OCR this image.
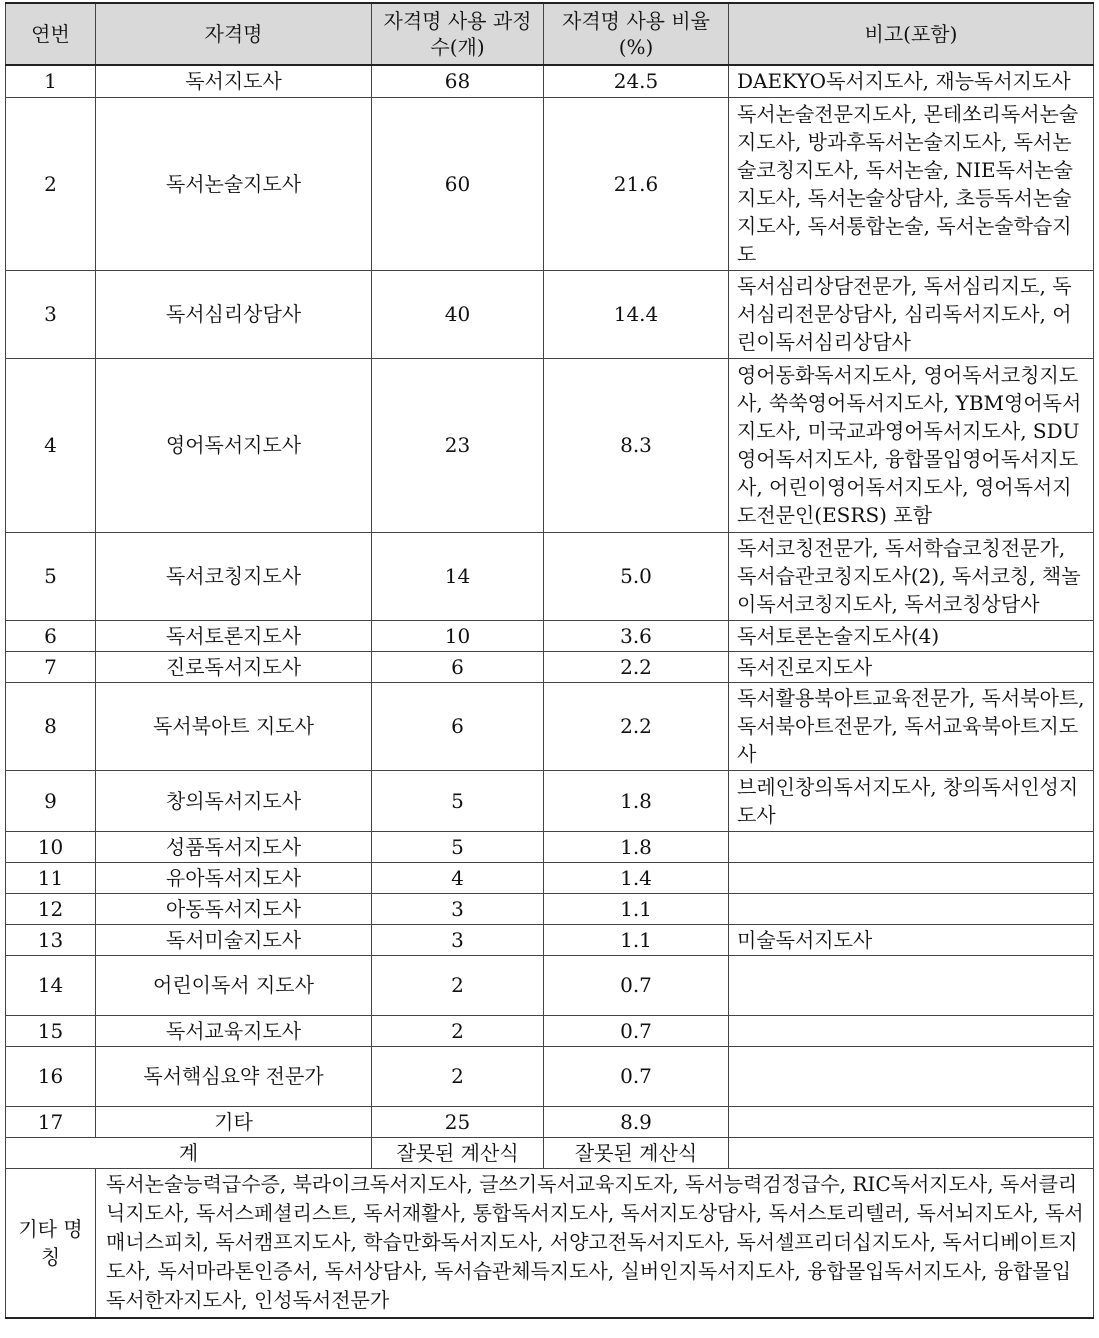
연번	자격명	자격명 사용 과정수(개)	자격명 사용 비율 (%)	비고(포함)
1	독서지도사	68	24.5	DAEKYO독서지도사, 재능독서지도사
2	독서논술지도사	60	21.6	독서논술전문지도사, 몬테쏘리독서논술지도사, 방과후독서논술지도사, 독서논술코칭지도사, 독서논술, NIE독서논술지도사, 독서논술상담사, 초등독서논술지도사, 독서통합논술, 독서논술학습지도
3	독서심리상담사	40	14.4	독서심리상담전문가, 독서심리지도, 독서심리전문상담사, 심리독서지도사, 어린이독서심리상담사
4	영어독서지도사	23	8.3	영어동화독서지도사, 영어독서코칭지도사, 쑥쑥영어독서지도사, YBM영어독서지도사, 미국교과영어독서지도사, SDU영어독서지도사, 융합몰입영어독서지도사, 어린이영어독서지도사, 영어독서지도전문인(ESRS) 포함
5	독서코칭지도사	14	5.0	독서코칭전문가, 독서학습코칭전문가, 독서습관코칭지도사(2), 독서코칭, 책놀이독서코칭지도사, 독서코칭상담사
6	독서토론지도사	10	3.6	독서토론논술지도사(4)
7	진로독서지도사	6	2.2	독서진로지도사
8	독서북아트 지도사	6	2.2	독서활용북아트교육전문가, 독서북아트, 독서북아트전문가, 독서교육북아트지도사
9	창의독서지도사	5	1.8	브레인창의독서지도사, 창의독서인성지도사
10	성품독서지도사	5	1.8	
11	유아독서지도사	4	1.4	
12	아동독서지도사	3	1.1	
13	독서미술지도사	3	1.1	미술독서지도사
14	어린이독서 지도사	2	0.7	
15	독서교육지도사	2	0.7	
16	독서핵심요약 전문가	2	0.7	
17	기타	25	8.9	
계		잘못된 계산식	잘못된 계산식	
기타 명칭	독서논술능력급수증, 북라이크독서지도사, 글쓰기독서교육지도자, 독서능력검정급수, RIC독서지도사, 독서클리닉지도사, 독서스페셜리스트, 독서재활사, 통합독서지도사, 독서지도상담사, 독서스토리텔러, 독서뇌지도사, 독서매너스피치, 독서캠프지도사, 학습만화독서지도사, 서양고전독서지도사, 독서셀프리더십지도사, 독서디베이트지도사, 독서마라톤인증서, 독서상담사, 독서습관체득지도사, 실버인지독서지도사, 융합몰입독서지도사, 융합몰입독서한자지도사, 인성독서전문가			
